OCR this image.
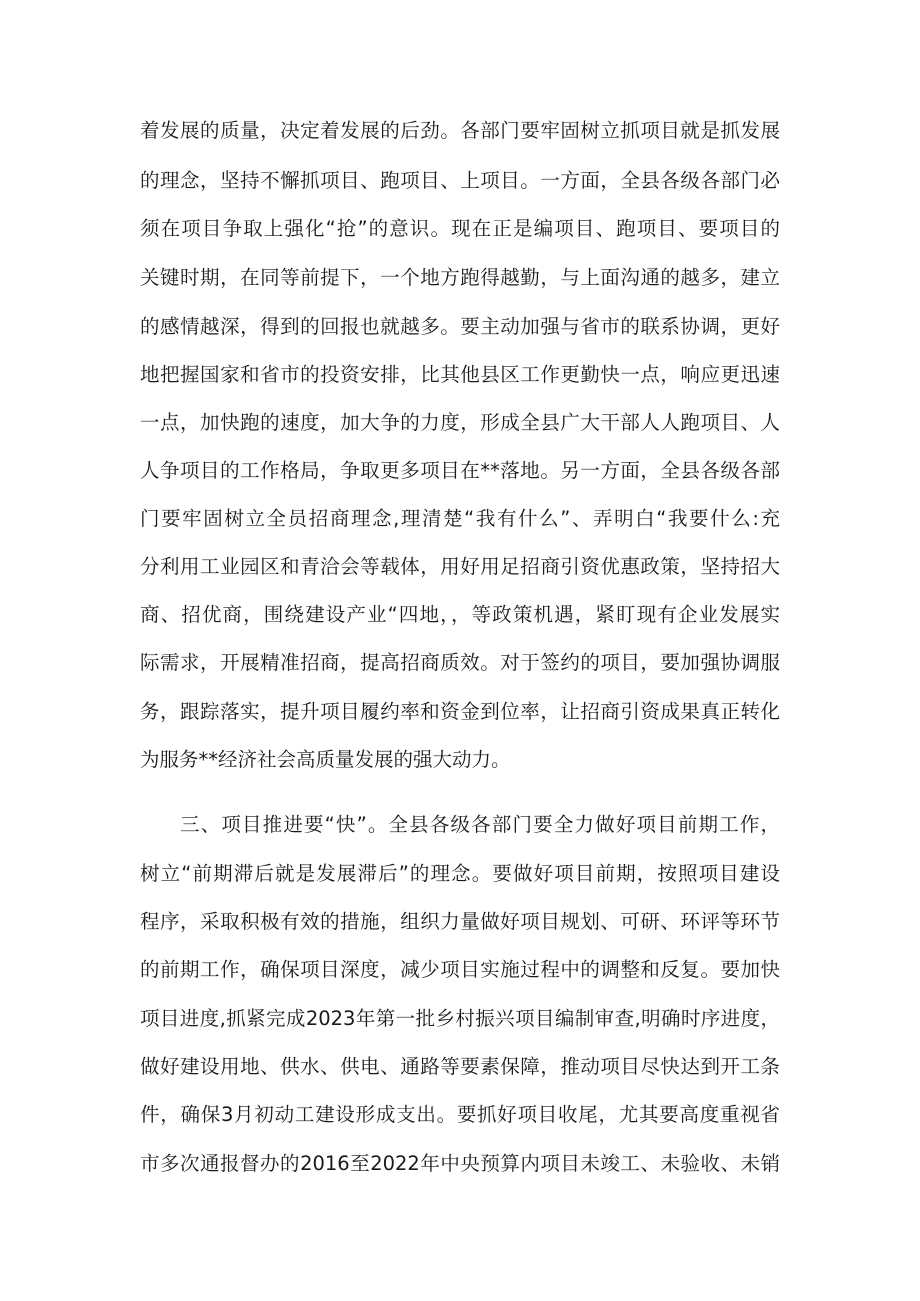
着发展的质量，决定着发展的后劲。各部门要牢固树立抓项目就是抓发展

的理念，坚持不懈抓项目、跑项目、上项目。一方面，全县各级各部门必

须在项目争取上强化“抢”的意识。现在正是编项目、跑项目、要项目的

关键时期，在同等前提下，一个地方跑得越勤，与上面沟通的越多，建立

的感情越深，得到的回报也就越多。要主动加强与省市的联系协调，更好

地把握国家和省市的投资安排，比其他县区工作更勤快一点，响应更迅速

一点，加快跑的速度，加大争的力度，形成全县广大干部人人跑项目、人

人争项目的工作格局，争取更多项目在**落地。另一方面，全县各级各部

门要牢固树立全员招商理念,理清楚“我有什么”、弄明白“我要什么:充

分利用工业园区和青洽会等载体，用好用足招商引资优惠政策，坚持招大

商、招优商，围绕建设产业“四地，，等政策机遇，紧盯现有企业发展实

际需求，开展精准招商，提高招商质效。对于签约的项目，要加强协调服

务，跟踪落实，提升项目履约率和资金到位率，让招商引资成果真正转化

为服务**经济社会高质量发展的强大动力。

三、项目推进要“快”。全县各级各部门要全力做好项目前期工作，

树立“前期滞后就是发展滞后”的理念。要做好项目前期，按照项目建设

程序，采取积极有效的措施，组织力量做好项目规划、可研、环评等环节

的前期工作，确保项目深度，减少项目实施过程中的调整和反复。要加快

项目进度,抓紧完成2023年第一批乡村振兴项目编制审查,明确时序进度，

做好建设用地、供水、供电、通路等要素保障，推动项目尽快达到开工条

件，确保3月初动工建设形成支出。要抓好项目收尾，尤其要高度重视省

市多次通报督办的2016至2022年中央预算内项目未竣工、未验收、未销
